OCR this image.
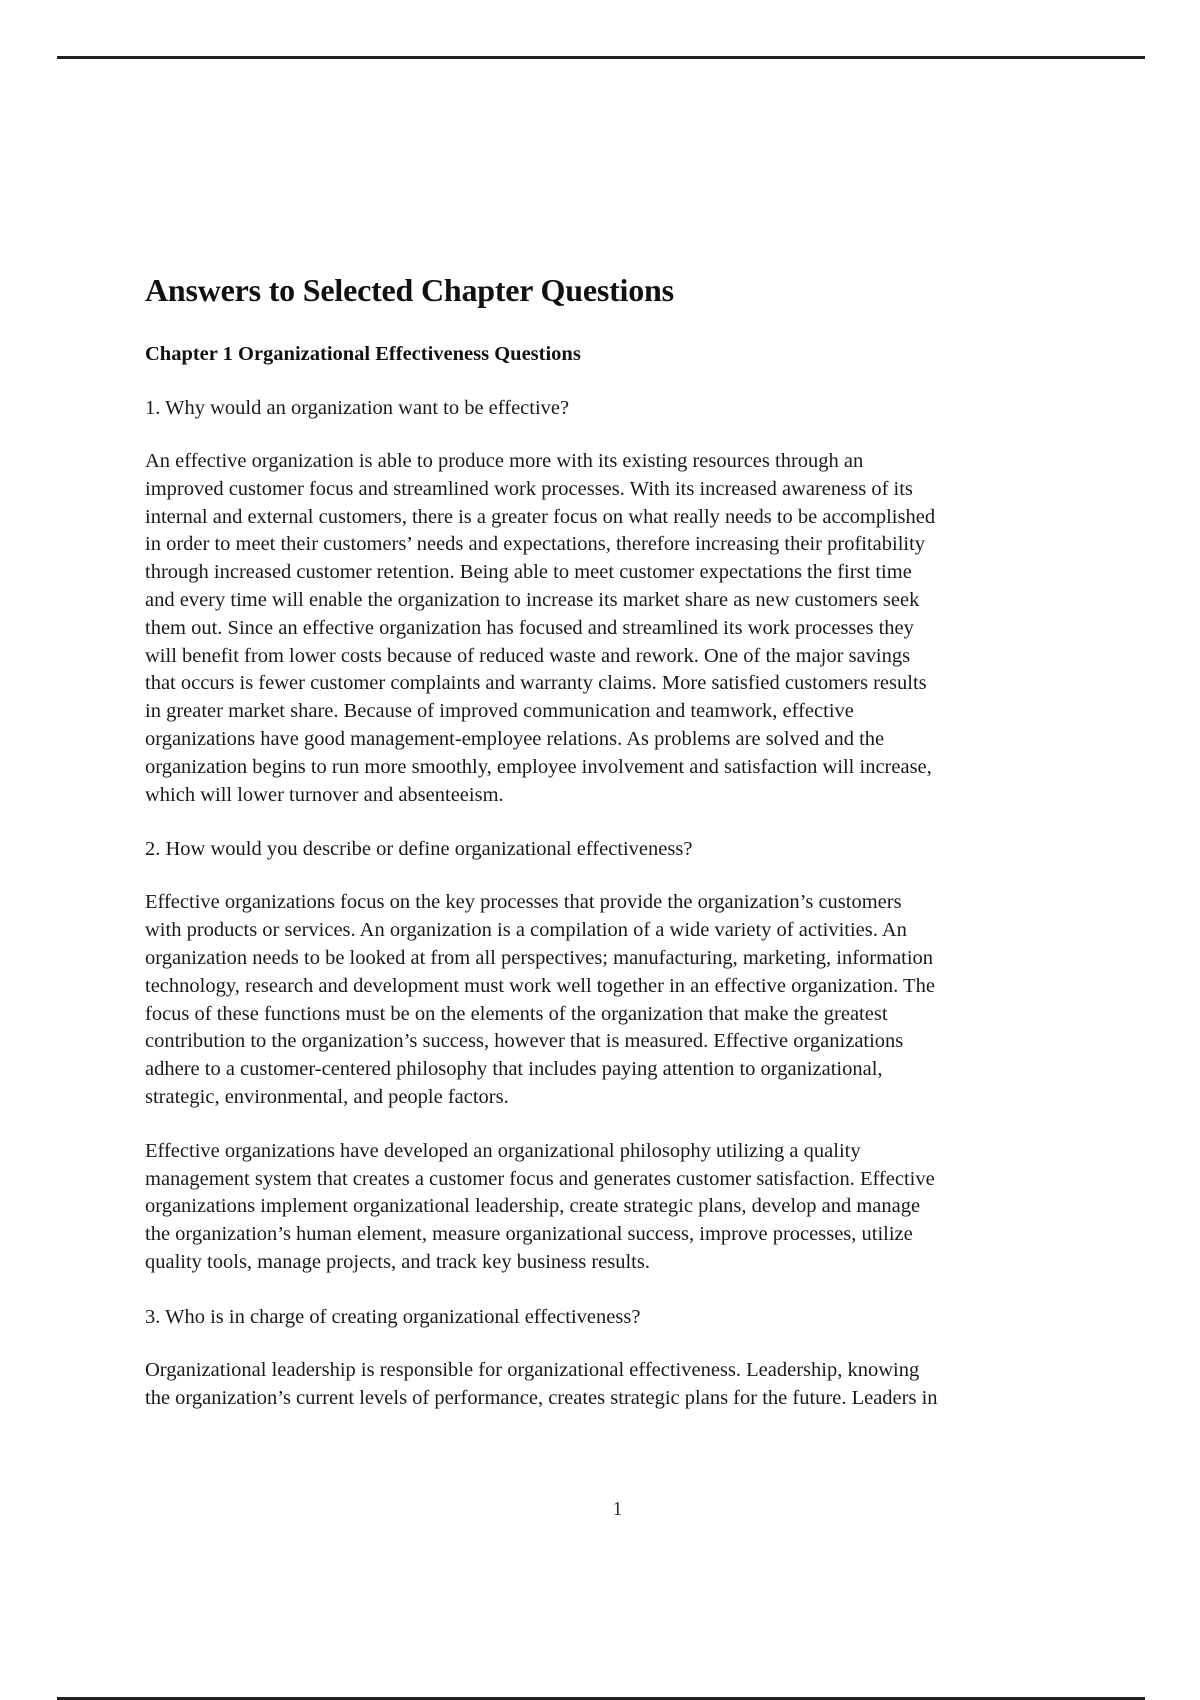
Answers to Selected Chapter Questions
Chapter 1 Organizational Effectiveness Questions

1. Why would an organization want to be effective?

An effective organization is able to produce more with its existing resources through an
improved customer focus and streamlined work processes. With its increased awareness of its
internal and external customers, there is a greater focus on what really needs to be accomplished
in order to meet their customers’ needs and expectations, therefore increasing their profitability
through increased customer retention. Being able to meet customer expectations the first time
and every time will enable the organization to increase its market share as new customers seek
them out. Since an effective organization has focused and streamlined its work processes they
will benefit from lower costs because of reduced waste and rework. One of the major savings
that occurs is fewer customer complaints and warranty claims. More satisfied customers results
in greater market share. Because of improved communication and teamwork, effective
organizations have good management-employee relations. As problems are solved and the
organization begins to run more smoothly, employee involvement and satisfaction will increase,
which will lower turnover and absenteeism.

2. How would you describe or define organizational effectiveness?

Effective organizations focus on the key processes that provide the organization’s customers
with products or services. An organization is a compilation of a wide variety of activities. An
organization needs to be looked at from all perspectives; manufacturing, marketing, information
technology, research and development must work well together in an effective organization. The
focus of these functions must be on the elements of the organization that make the greatest
contribution to the organization’s success, however that is measured. Effective organizations
adhere to a customer-centered philosophy that includes paying attention to organizational,
strategic, environmental, and people factors.

Effective organizations have developed an organizational philosophy utilizing a quality
management system that creates a customer focus and generates customer satisfaction. Effective
organizations implement organizational leadership, create strategic plans, develop and manage
the organization’s human element, measure organizational success, improve processes, utilize
quality tools, manage projects, and track key business results.

3. Who is in charge of creating organizational effectiveness?

Organizational leadership is responsible for organizational effectiveness. Leadership, knowing
the organization’s current levels of performance, creates strategic plans for the future. Leaders in

1
